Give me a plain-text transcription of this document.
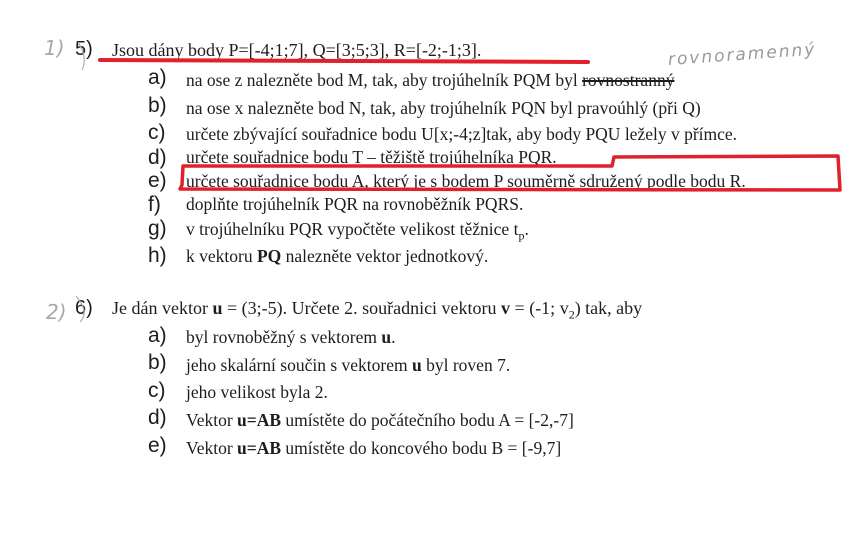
1) 5) Jsou dány body P=[-4;1;7], Q=[3;5;3], R=[-2;-1;3].	rovnoramenný
a) na ose z nalezněte bod M, tak, aby trojúhelník PQM byl rovnostranný
b) na ose x nalezněte bod N, tak, aby trojúhelník PQN byl pravoúhlý (při Q)
c) určete zbývající souřadnice bodu U[x;-4;z]tak, aby body PQU ležely v přímce.
d) určete souřadnice bodu T – těžiště trojúhelníka PQR.
e) určete souřadnice bodu A, který je s bodem P souměrně sdružený podle bodu R.
f) doplňte trojúhelník PQR na rovnoběžník PQRS.
g) v trojúhelníku PQR vypočtěte velikost těžnice $t_p$.
h) k vektoru PQ nalezněte vektor jednotkový.
2) 6) Je dán vektor u = (3;-5). Určete 2. souřadnici vektoru v = (-1; $v_2$) tak, aby
a) byl rovnoběžný s vektorem u.
b) jeho skalární součin s vektorem u byl roven 7.
c) jeho velikost byla 2.
d) Vektor u=AB umístěte do počátečního bodu A = [-2,-7]
e) Vektor u=AB umístěte do koncového bodu B = [-9,7]
